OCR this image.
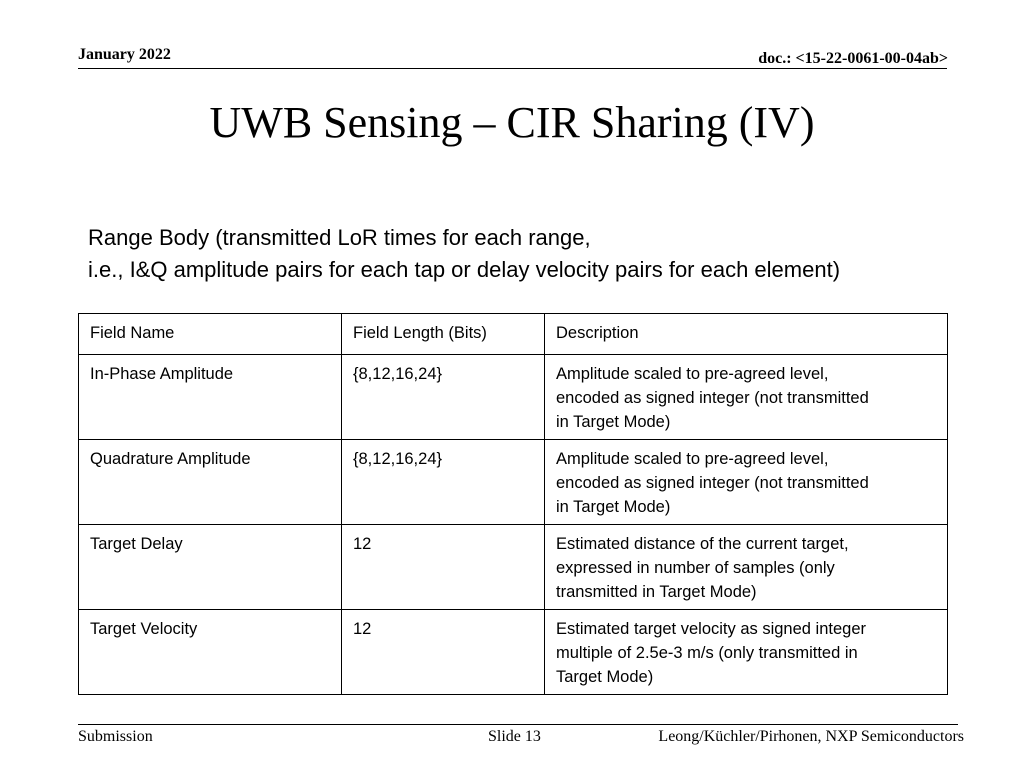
January 2022	doc.: <15-22-0061-00-04ab>
UWB Sensing – CIR Sharing (IV)
Range Body (transmitted LoR times for each range,
i.e., I&Q amplitude pairs for each tap or delay velocity pairs for each element)
Field Name	Field Length (Bits)	Description
In-Phase Amplitude	{8,12,16,24}	Amplitude scaled to pre-agreed level,
encoded as signed integer (not transmitted
in Target Mode)

Quadrature Amplitude	{8,12,16,24}	Amplitude scaled to pre-agreed level,
encoded as signed integer (not transmitted
in Target Mode)

Target Delay	12	Estimated distance of the current target,
expressed in number of samples (only
transmitted in Target Mode)

Target Velocity	12	Estimated target velocity as signed integer
multiple of 2.5e-3 m/s (only transmitted in
Target Mode)
Submission	Slide 13	Leong/Küchler/Pirhonen, NXP Semiconductors
